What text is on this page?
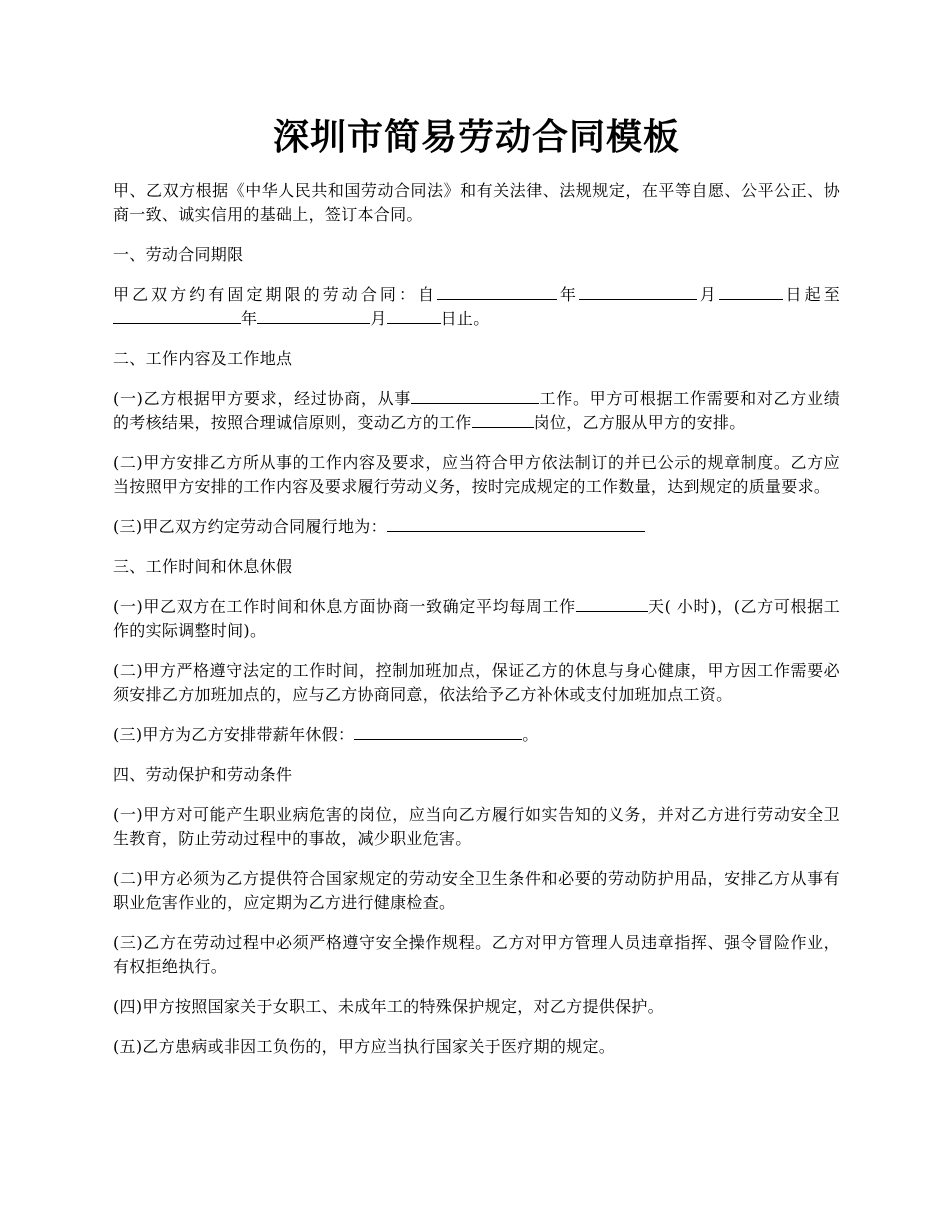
深圳市简易劳动合同模板

甲、乙双方根据《中华人民共和国劳动合同法》和有关法律、法规规定，在平等自愿、公平公正、协商一致、诚实信用的基础上，签订本合同。

一、劳动合同期限

甲乙双方约有固定期限的劳动合同：自	年	月	日起至年	月	日止。

二、工作内容及工作地点

(一)乙方根据甲方要求，经过协商，从事	工作。甲方可根据工作需要和对乙方业绩的考核结果，按照合理诚信原则，变动乙方的工作	岗位，乙方服从甲方的安排。

(二)甲方安排乙方所从事的工作内容及要求，应当符合甲方依法制订的并已公示的规章制度。乙方应当按照甲方安排的工作内容及要求履行劳动义务，按时完成规定的工作数量，达到规定的质量要求。

(三)甲乙双方约定劳动合同履行地为：

三、工作时间和休息休假

(一)甲乙双方在工作时间和休息方面协商一致确定平均每周工作	天( 小时)，(乙方可根据工作的实际调整时间)。

(二)甲方严格遵守法定的工作时间，控制加班加点，保证乙方的休息与身心健康，甲方因工作需要必须安排乙方加班加点的，应与乙方协商同意，依法给予乙方补休或支付加班加点工资。

(三)甲方为乙方安排带薪年休假：	。

四、劳动保护和劳动条件

(一)甲方对可能产生职业病危害的岗位，应当向乙方履行如实告知的义务，并对乙方进行劳动安全卫生教育，防止劳动过程中的事故，减少职业危害。

(二)甲方必须为乙方提供符合国家规定的劳动安全卫生条件和必要的劳动防护用品，安排乙方从事有职业危害作业的，应定期为乙方进行健康检查。

(三)乙方在劳动过程中必须严格遵守安全操作规程。乙方对甲方管理人员违章指挥、强令冒险作业，有权拒绝执行。

(四)甲方按照国家关于女职工、未成年工的特殊保护规定，对乙方提供保护。

(五)乙方患病或非因工负伤的，甲方应当执行国家关于医疗期的规定。
